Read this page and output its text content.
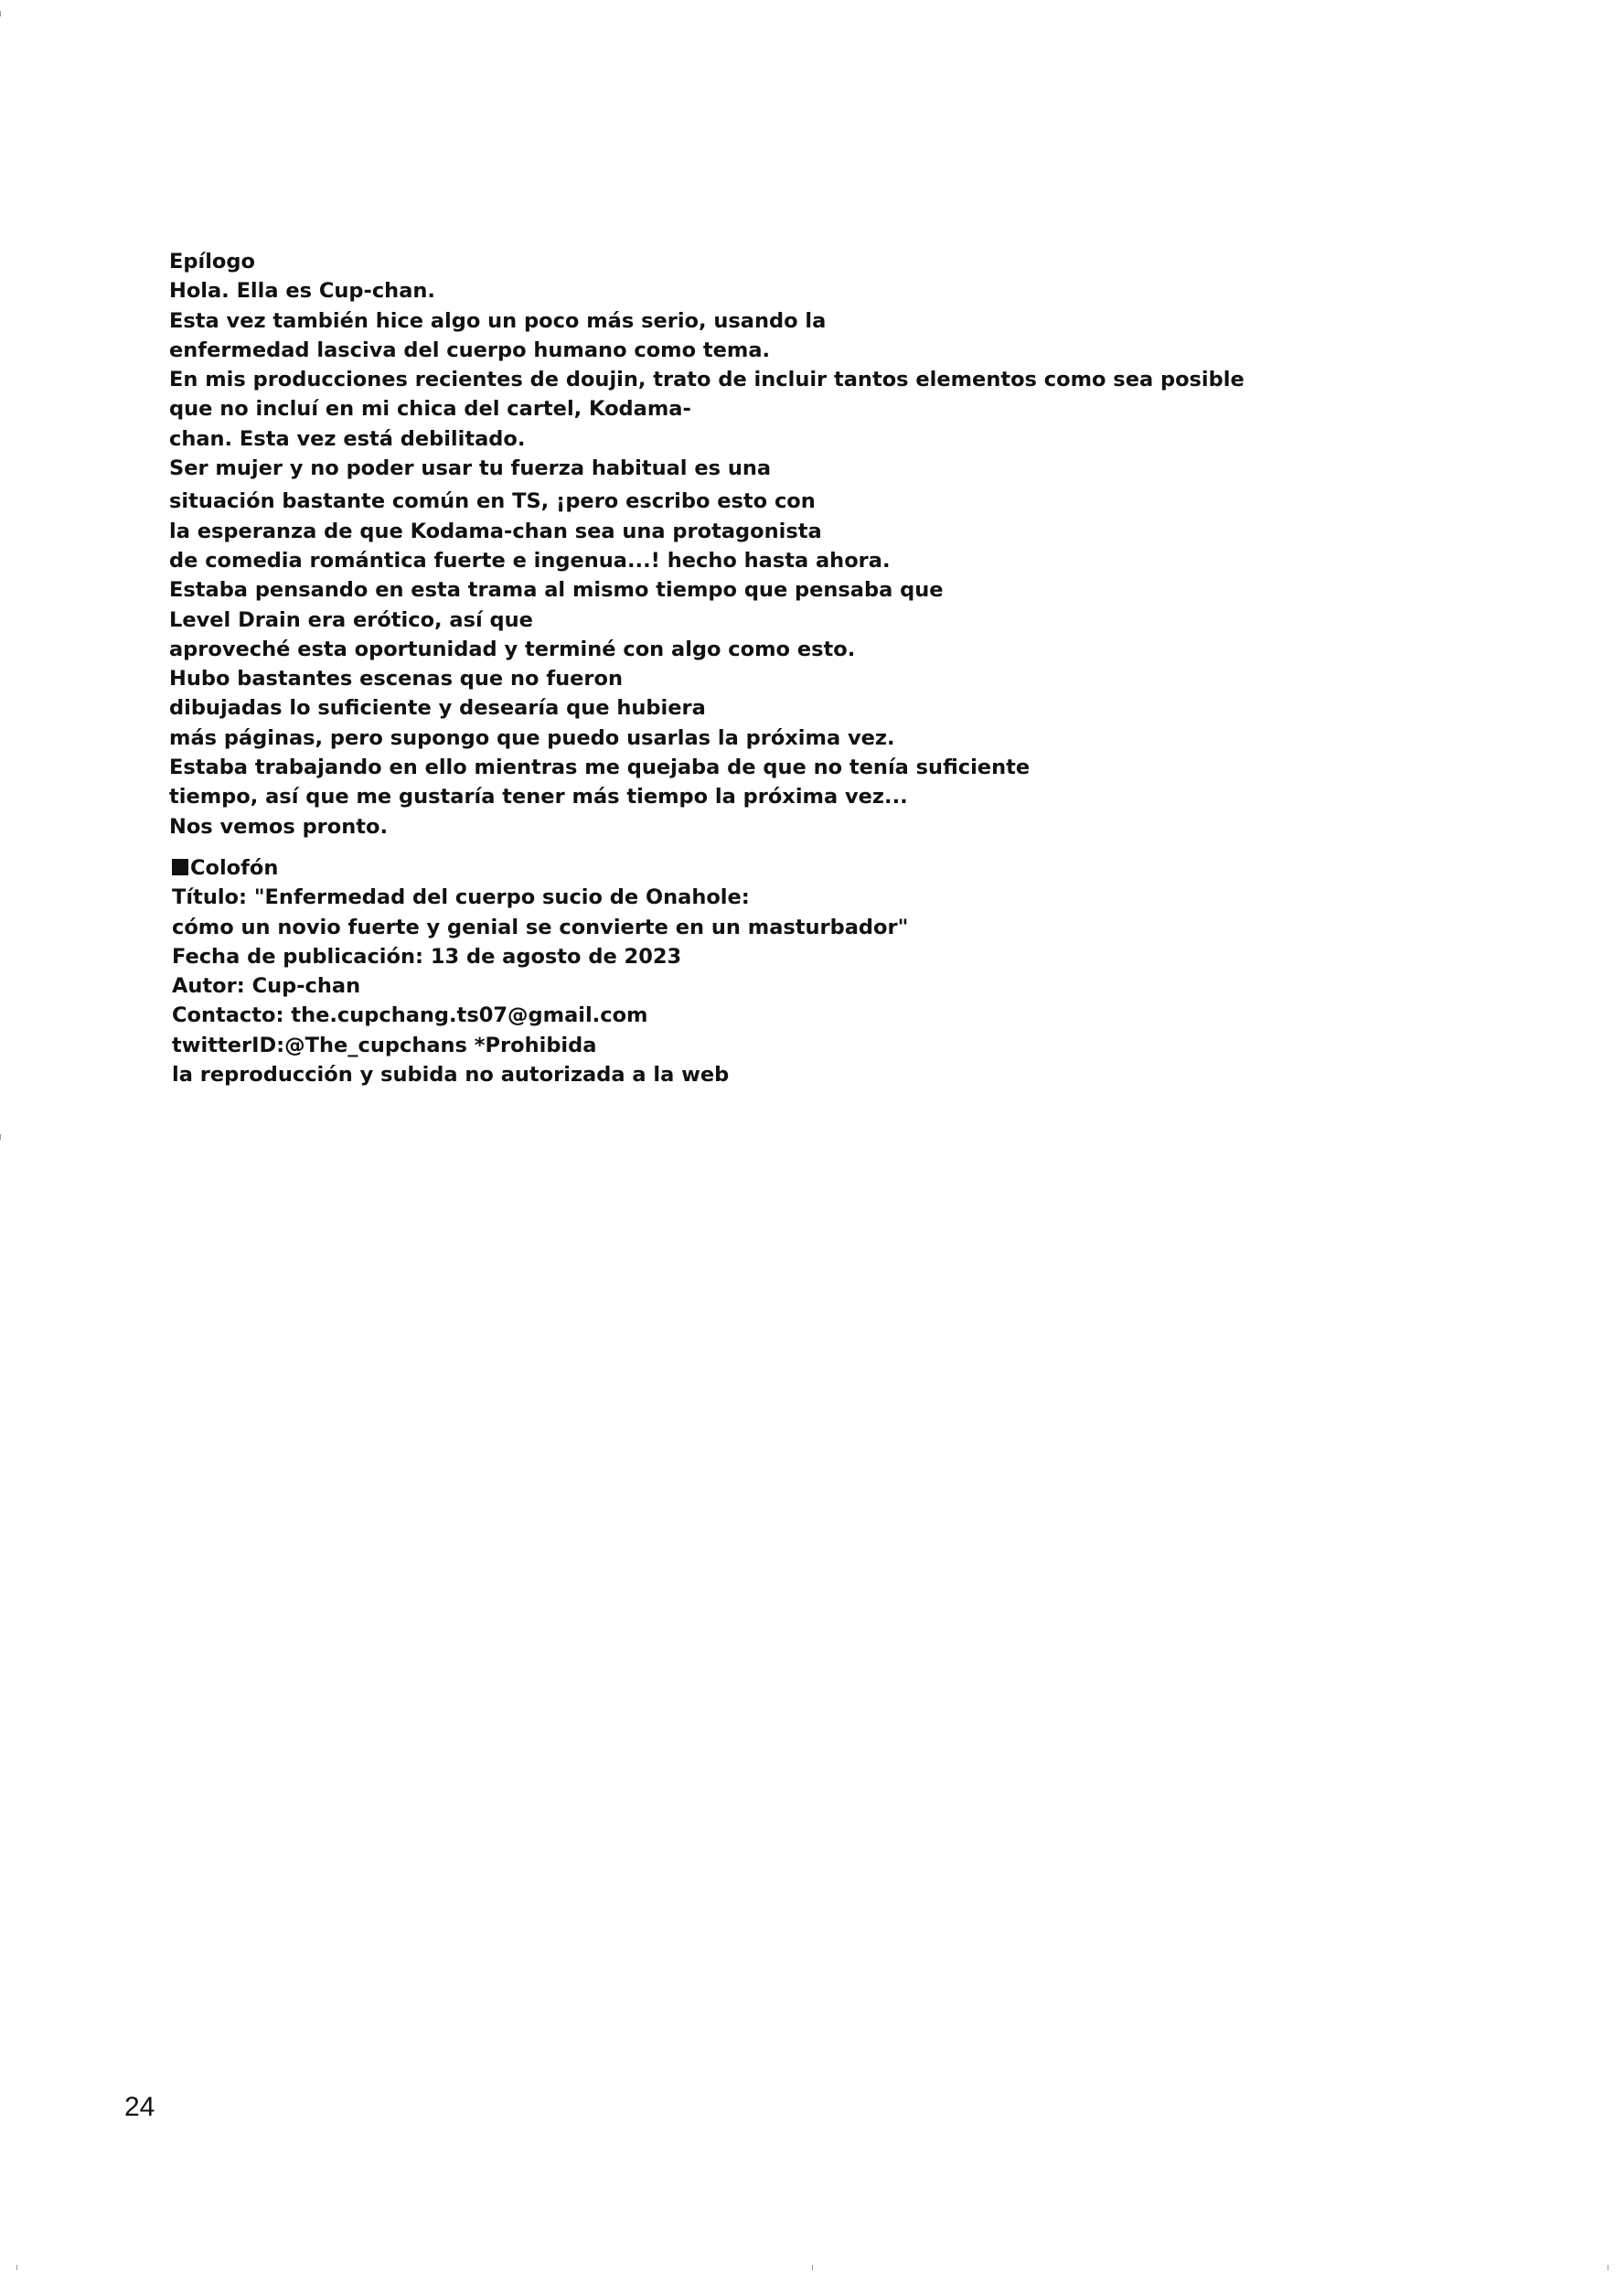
Epílogo
Hola. Ella es Cup-chan.
Esta vez también hice algo un poco más serio, usando la
enfermedad lasciva del cuerpo humano como tema.
En mis producciones recientes de doujin, trato de incluir tantos elementos como sea posible
que no incluí en mi chica del cartel, Kodama-
chan. Esta vez está debilitado.
Ser mujer y no poder usar tu fuerza habitual es una
situación bastante común en TS, ¡pero escribo esto con
la esperanza de que Kodama-chan sea una protagonista
de comedia romántica fuerte e ingenua...! hecho hasta ahora.
Estaba pensando en esta trama al mismo tiempo que pensaba que
Level Drain era erótico, así que
aproveché esta oportunidad y terminé con algo como esto.
Hubo bastantes escenas que no fueron
dibujadas lo suficiente y desearía que hubiera
más páginas, pero supongo que puedo usarlas la próxima vez.
Estaba trabajando en ello mientras me quejaba de que no tenía suficiente
tiempo, así que me gustaría tener más tiempo la próxima vez...
Nos vemos pronto.
Colofón
Título: "Enfermedad del cuerpo sucio de Onahole:
cómo un novio fuerte y genial se convierte en un masturbador"
Fecha de publicación: 13 de agosto de 2023
Autor: Cup-chan
Contacto: the.cupchang.ts07@gmail.com
twitterID:@The_cupchans *Prohibida
la reproducción y subida no autorizada a la web
24
